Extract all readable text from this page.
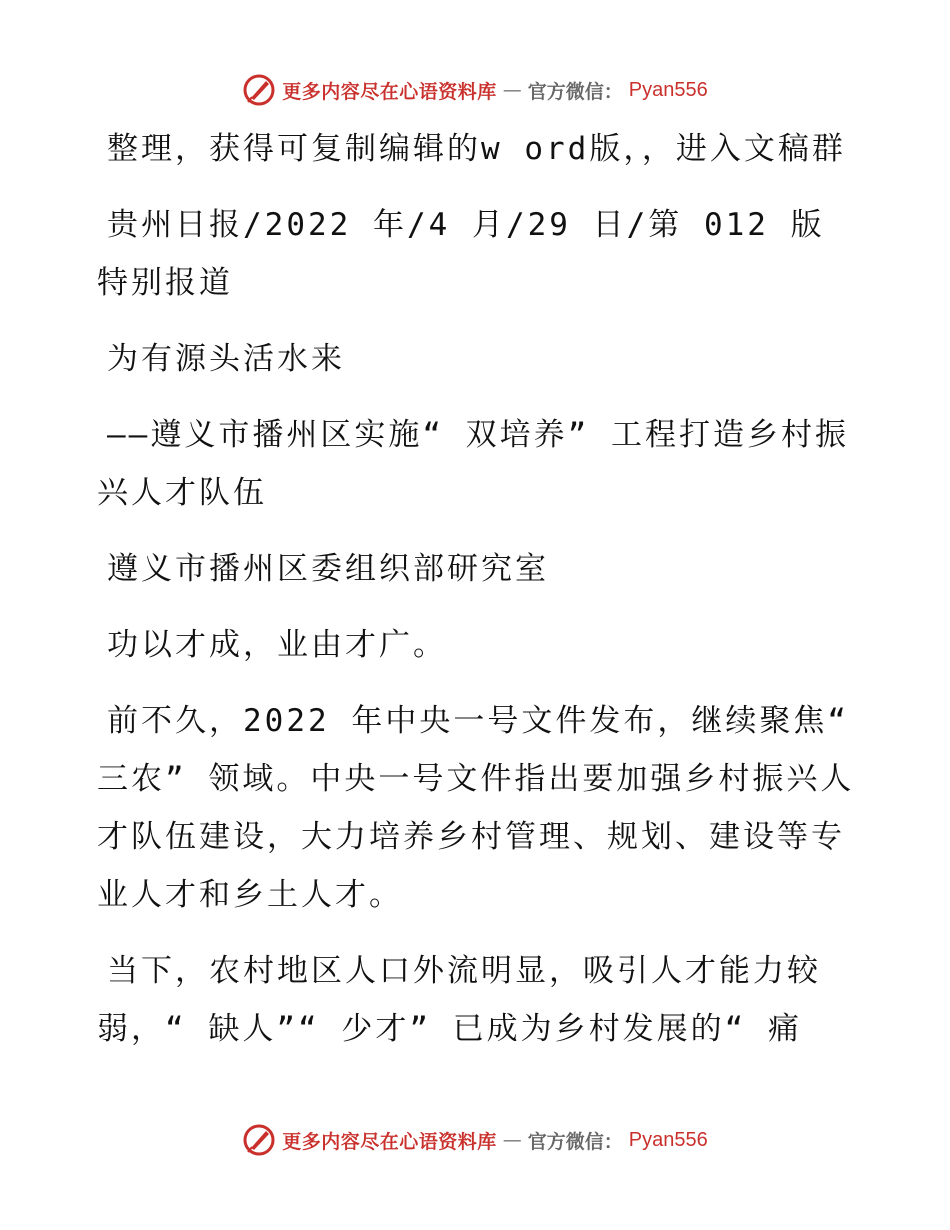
更多内容尽在心语资料库 — 官方微信： Pyan556

整理，获得可复制编辑的w ord版，，进入文稿群

贵州日报/2022 年/4 月/29 日/第 012 版特别报道

为有源头活水来

——遵义市播州区实施“ 双培养” 工程打造乡村振兴人才队伍

遵义市播州区委组织部研究室

功以才成，业由才广。

前不久，2022 年中央一号文件发布，继续聚焦“ 三农” 领域。中央一号文件指出要加强乡村振兴人才队伍建设，大力培养乡村管理、规划、建设等专业人才和乡土人才。

当下，农村地区人口外流明显，吸引人才能力较弱，“ 缺人”“ 少才” 已成为乡村发展的“ 痛

更多内容尽在心语资料库 — 官方微信： Pyan556
